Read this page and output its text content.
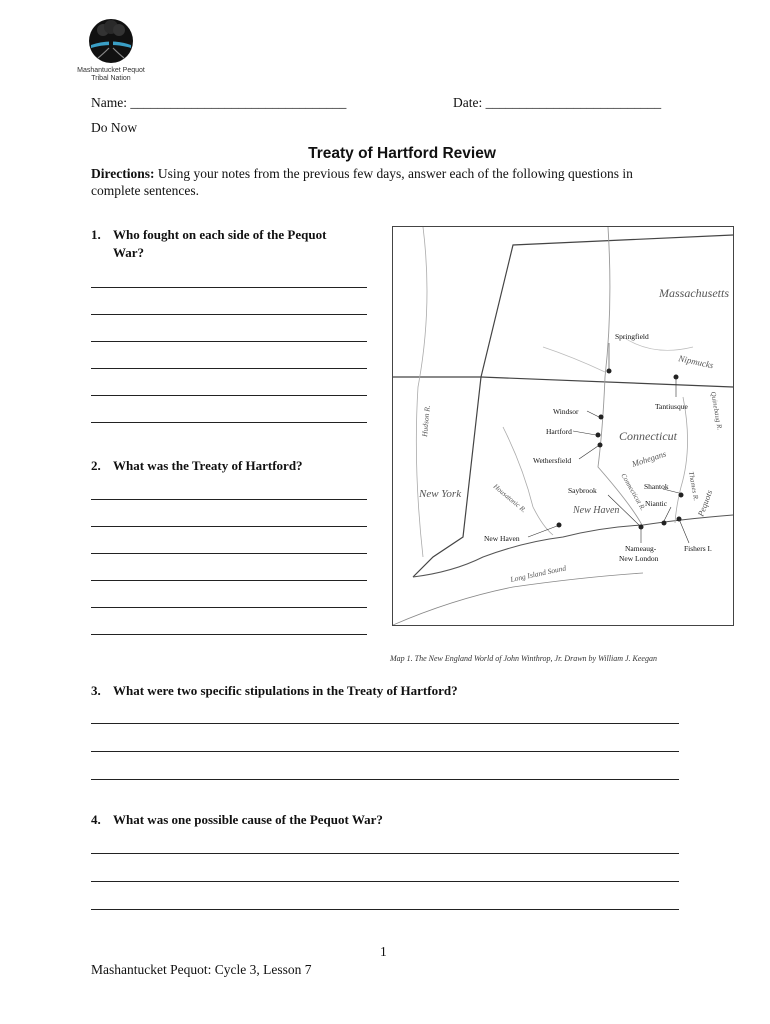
Mashantucket Pequot
Tribal Nation
Name: ________________________________	Date: __________________________
Do Now
Treaty of Hartford Review
Directions: Using your notes from the previous few days, answer each of the following questions in
complete sentences.
1. Who fought on each side of the Pequot
War?
2. What was the Treaty of Hartford?
Massachusetts
Connecticut
New York
New Haven
Nipmucks
Mohegans
Pequots
Long Island Sound
Hudson R.
Housatonic R.	Connecticut R.	Thames R.
Quinebaug R.
Springfield
Windsor
Hartford
Wethersfield
Tantiusque
Saybrook	Shantok
Niantic
New Haven
Nameaug-
New London
Fishers I.
Map 1. The New England World of John Winthrop, Jr. Drawn by William J. Keegan
3. What were two specific stipulations in the Treaty of Hartford?
4. What was one possible cause of the Pequot War?
1
Mashantucket Pequot: Cycle 3, Lesson 7
